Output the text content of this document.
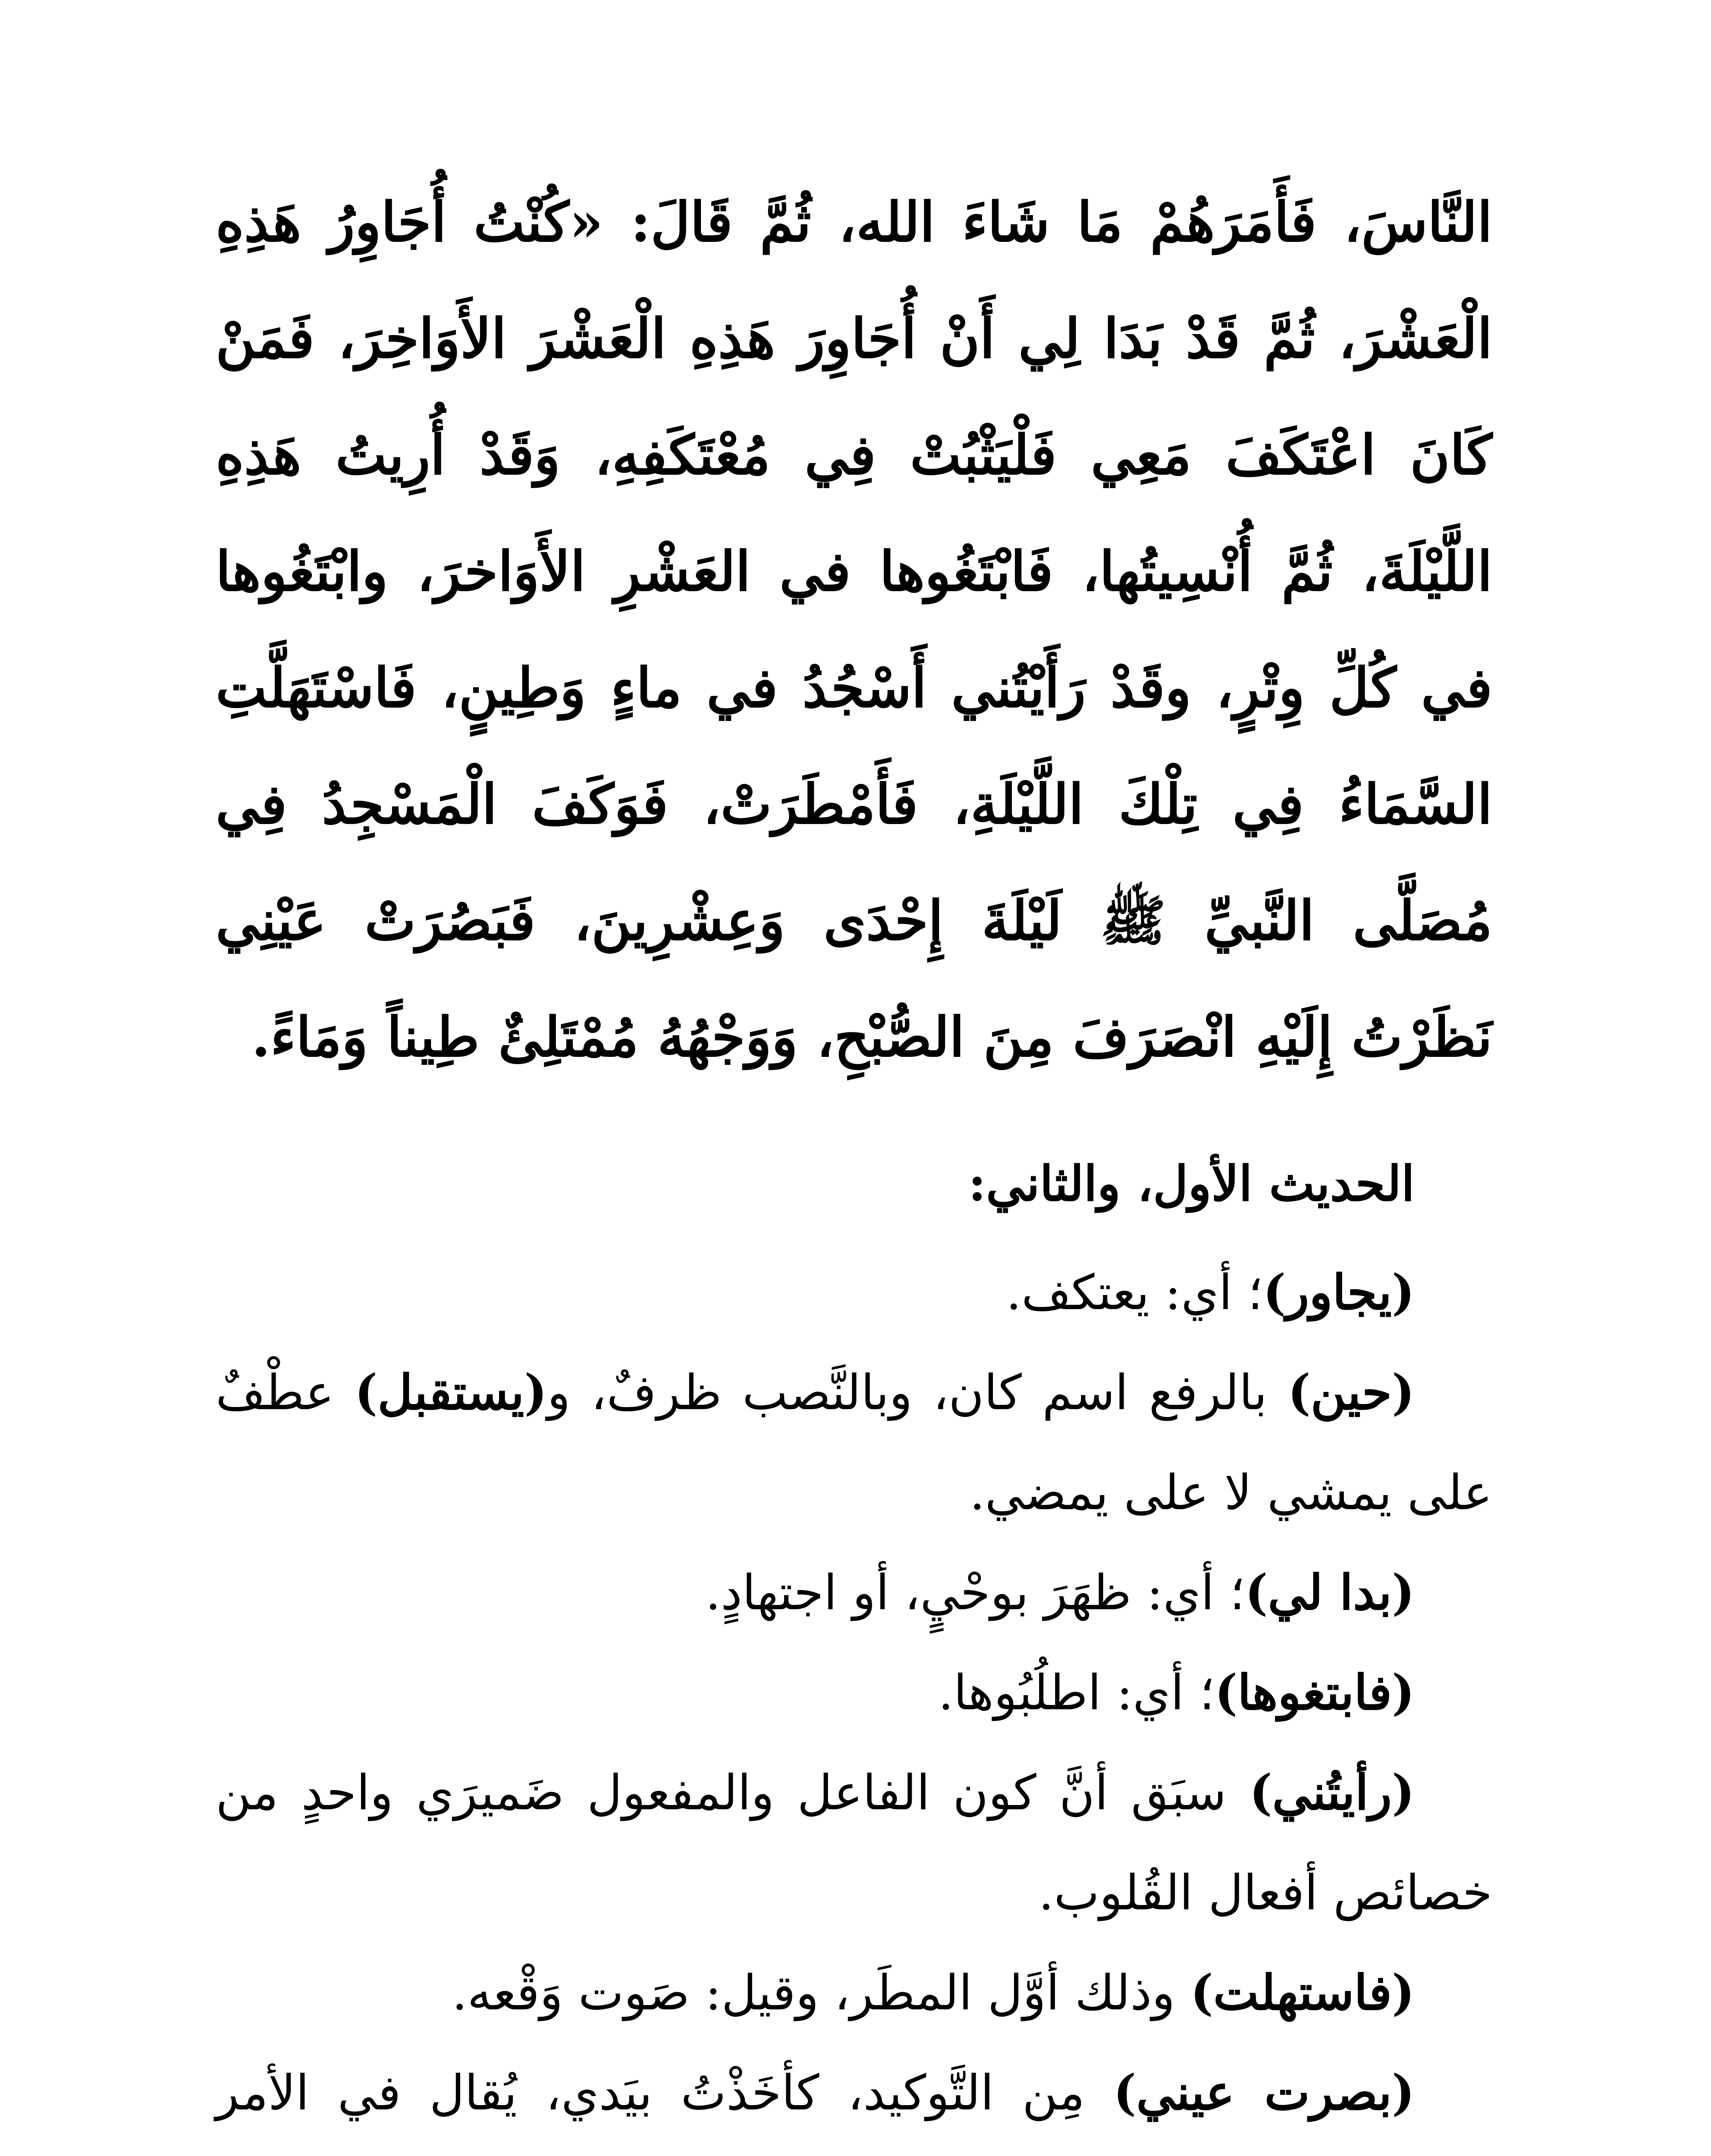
النَّاسَ، فَأَمَرَهُمْ مَا شَاءَ الله، ثُمَّ قَالَ: «كُنْتُ أُجَاوِرُ هَذِهِ الْعَشْرَ، ثُمَّ قَدْ بَدَا لِي أَنْ أُجَاوِرَ هَذِهِ الْعَشْرَ الأَوَاخِرَ، فَمَنْ كَانَ اعْتَكَفَ مَعِي فَلْيَثْبُتْ فِي مُعْتَكَفِهِ، وَقَدْ أُرِيتُ هَذِهِ اللَّيْلَةَ، ثُمَّ أُنْسِيتُها، فَابْتَغُوها في العَشْرِ الأَوَاخرَ، وابْتَغُوها في كُلِّ وِتْرٍ، وقَدْ رَأَيْتُني أَسْجُدُ في ماءٍ وَطِينٍ، فَاسْتَهَلَّتِ السَّمَاءُ فِي تِلْكَ اللَّيْلَةِ، فَأَمْطَرَتْ، فَوَكَفَ الْمَسْجِدُ فِي مُصَلَّى النَّبيِّ ﷺ لَيْلَةَ إِحْدَى وَعِشْرِينَ، فَبَصُرَتْ عَيْنِي نَظَرْتُ إِلَيْهِ انْصَرَفَ مِنَ الصُّبْحِ، وَوَجْهُهُ مُمْتَلِئٌ طِيناً وَمَاءً.

الحديث الأول، والثاني:

(يجاور)؛ أي: يعتكف.

(حين) بالرفع اسم كان، وبالنَّصب ظرفٌ، و(يستقبل) عطْفٌ على يمشي لا على يمضي.

(بدا لي)؛ أي: ظهَرَ بوحْيٍ، أو اجتهادٍ.

(فابتغوها)؛ أي: اطلُبُوها.

(رأيتُني) سبَق أنَّ كون الفاعل والمفعول ضَميرَي واحدٍ من خصائص أفعال القُلوب.

(فاستهلت) وذلك أوَّل المطَر، وقيل: صَوت وَقْعه.

(بصرت عيني) مِن التَّوكيد، كأخَذْتُ بيَدي، يُقال في الأمر
